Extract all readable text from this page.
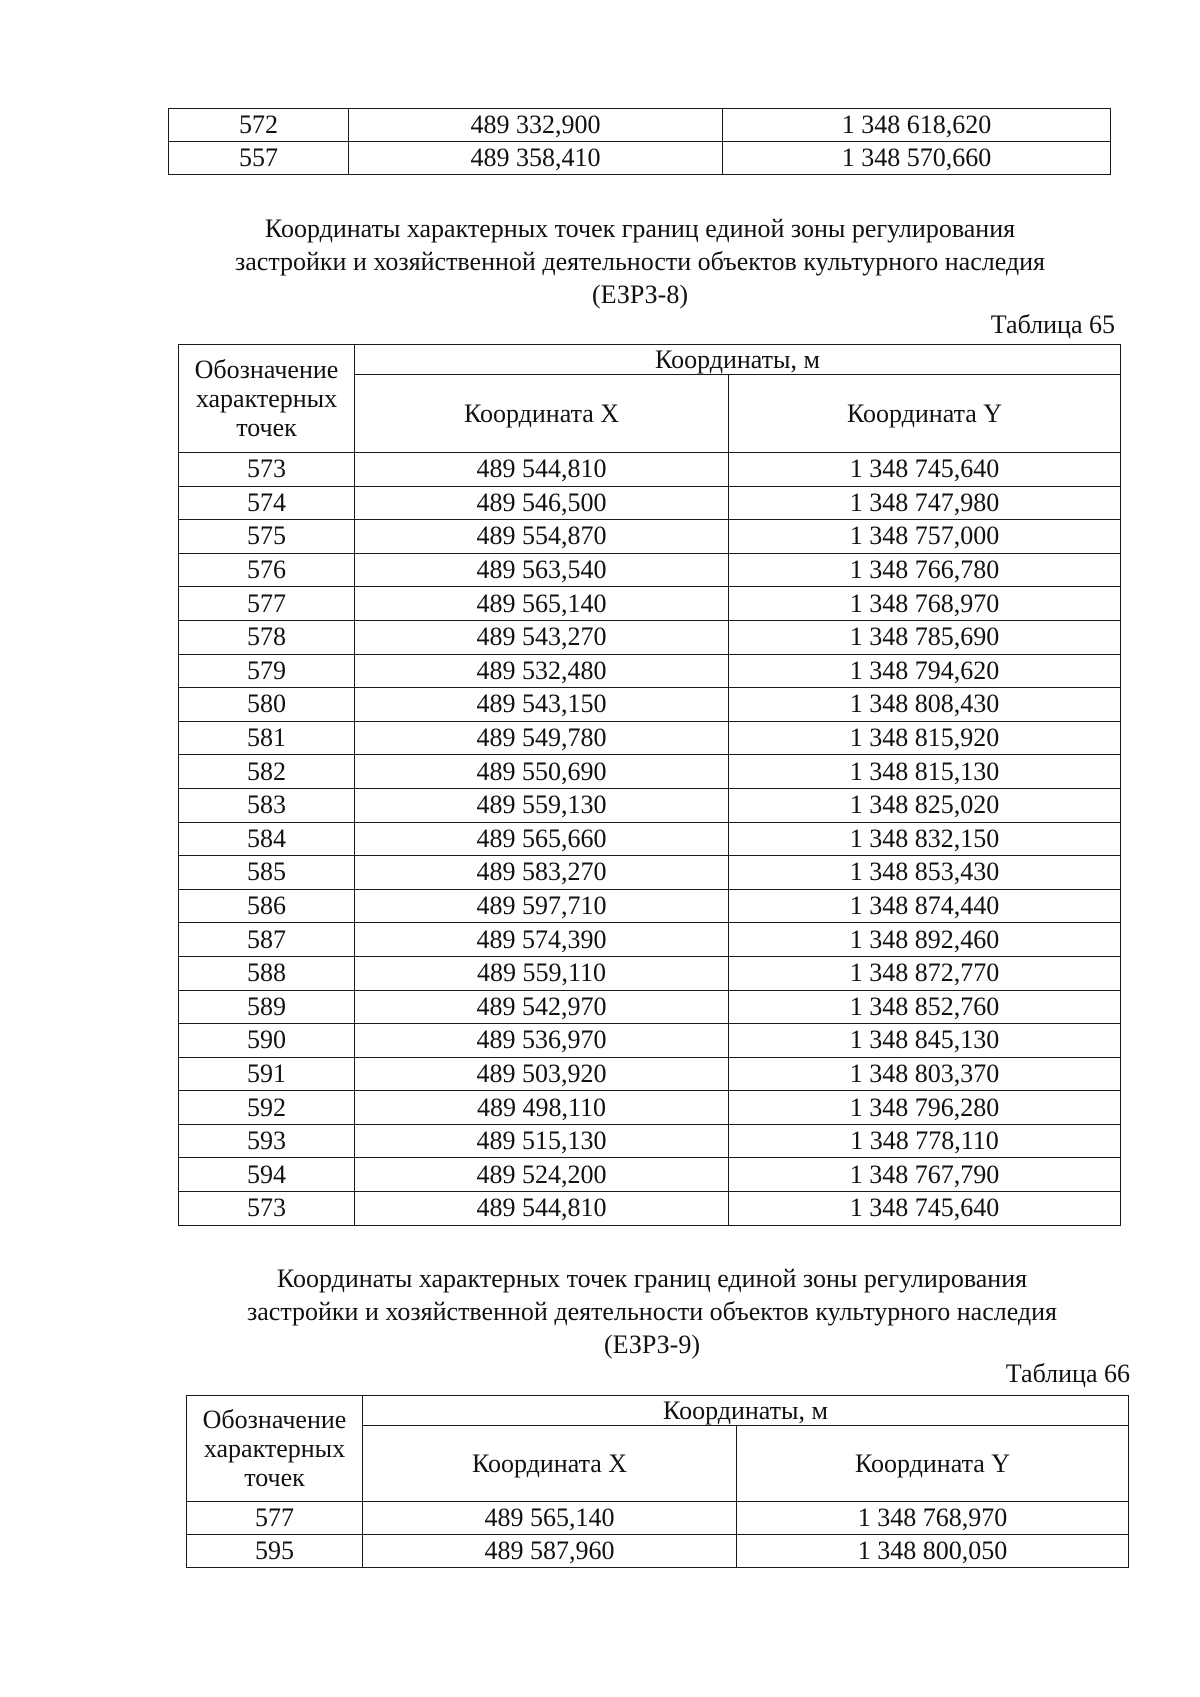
572	489 332,900	1 348 618,620
557	489 358,410	1 348 570,660
Координаты характерных точек границ единой зоны регулирования
застройки и хозяйственной деятельности объектов культурного наследия
(ЕЗРЗ-8)
Таблица 65
Обозначение
характерных
точек	Координаты, м	
	Координата X	Координата Y
573	489 544,810	1 348 745,640
574	489 546,500	1 348 747,980
575	489 554,870	1 348 757,000
576	489 563,540	1 348 766,780
577	489 565,140	1 348 768,970
578	489 543,270	1 348 785,690
579	489 532,480	1 348 794,620
580	489 543,150	1 348 808,430
581	489 549,780	1 348 815,920
582	489 550,690	1 348 815,130
583	489 559,130	1 348 825,020
584	489 565,660	1 348 832,150
585	489 583,270	1 348 853,430
586	489 597,710	1 348 874,440
587	489 574,390	1 348 892,460
588	489 559,110	1 348 872,770
589	489 542,970	1 348 852,760
590	489 536,970	1 348 845,130
591	489 503,920	1 348 803,370
592	489 498,110	1 348 796,280
593	489 515,130	1 348 778,110
594	489 524,200	1 348 767,790
573	489 544,810	1 348 745,640
Координаты характерных точек границ единой зоны регулирования
застройки и хозяйственной деятельности объектов культурного наследия
(ЕЗРЗ-9)
Таблица 66
Обозначение
характерных
точек	Координаты, м	
	Координата X	Координата Y
577	489 565,140	1 348 768,970
595	489 587,960	1 348 800,050
